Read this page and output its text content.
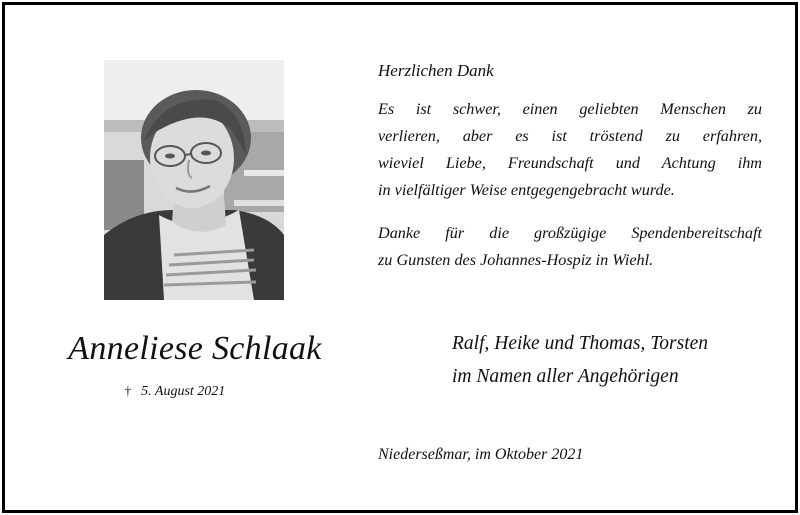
Anneliese Schlaak
† 5. August 2021
Herzlichen Dank
Es ist schwer, einen geliebten Menschen zu
verlieren, aber es ist tröstend zu erfahren,
wieviel Liebe, Freundschaft und Achtung ihm
in vielfältiger Weise entgegengebracht wurde.
Danke für die großzügige Spendenbereitschaft
zu Gunsten des Johannes-Hospiz in Wiehl.
Ralf, Heike und Thomas, Torsten
im Namen aller Angehörigen
Niederseßmar, im Oktober 2021
